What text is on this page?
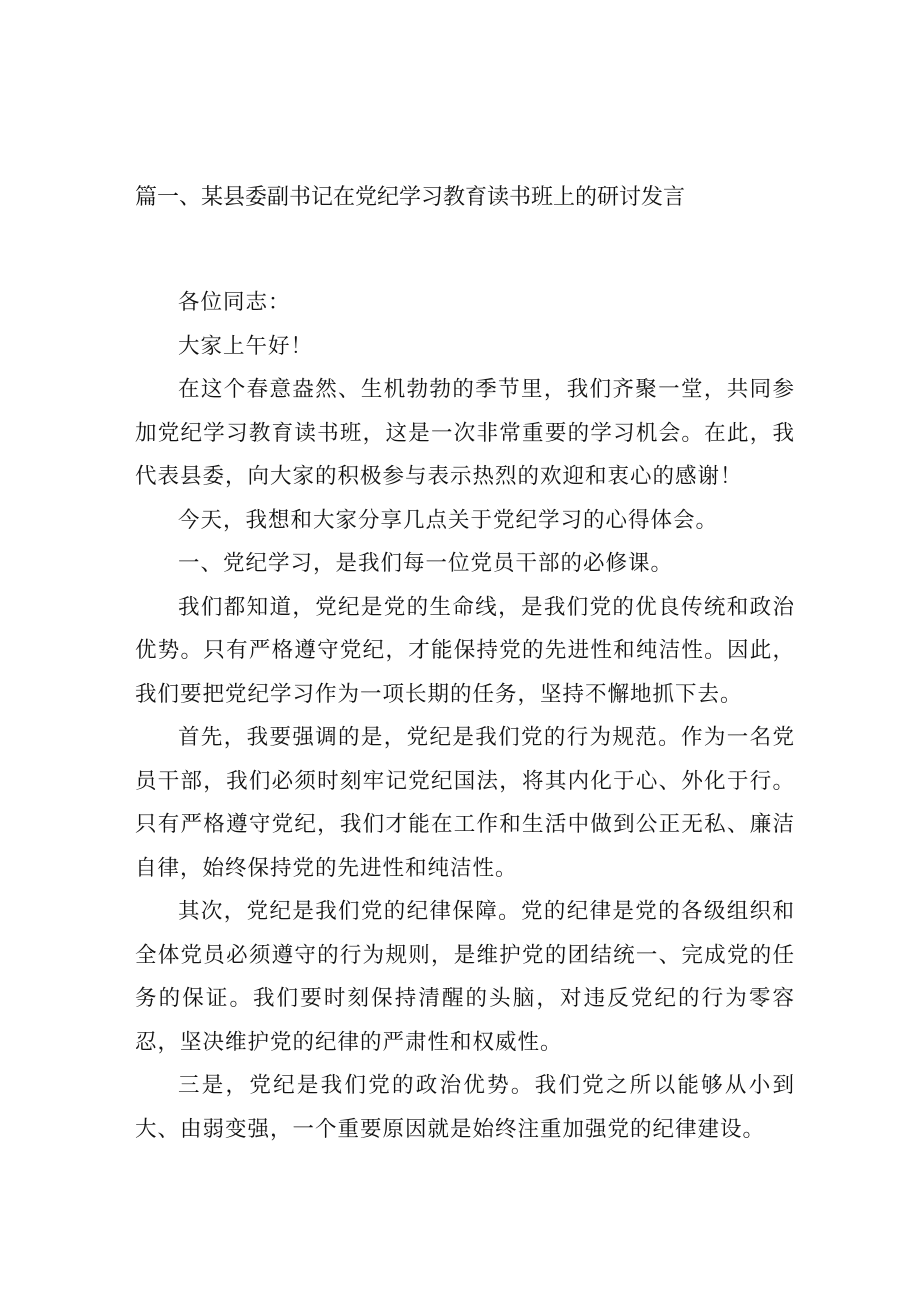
篇一、某县委副书记在党纪学习教育读书班上的研讨发言

各位同志：

大家上午好！

在这个春意盎然、生机勃勃的季节里，我们齐聚一堂，共同参加党纪学习教育读书班，这是一次非常重要的学习机会。在此，我代表县委，向大家的积极参与表示热烈的欢迎和衷心的感谢！

今天，我想和大家分享几点关于党纪学习的心得体会。

一、党纪学习，是我们每一位党员干部的必修课。

我们都知道，党纪是党的生命线，是我们党的优良传统和政治优势。只有严格遵守党纪，才能保持党的先进性和纯洁性。因此，我们要把党纪学习作为一项长期的任务，坚持不懈地抓下去。

首先，我要强调的是，党纪是我们党的行为规范。作为一名党员干部，我们必须时刻牢记党纪国法，将其内化于心、外化于行。只有严格遵守党纪，我们才能在工作和生活中做到公正无私、廉洁自律，始终保持党的先进性和纯洁性。

其次，党纪是我们党的纪律保障。党的纪律是党的各级组织和全体党员必须遵守的行为规则，是维护党的团结统一、完成党的任务的保证。我们要时刻保持清醒的头脑，对违反党纪的行为零容忍，坚决维护党的纪律的严肃性和权威性。

三是，党纪是我们党的政治优势。我们党之所以能够从小到大、由弱变强，一个重要原因就是始终注重加强党的纪律建设。
